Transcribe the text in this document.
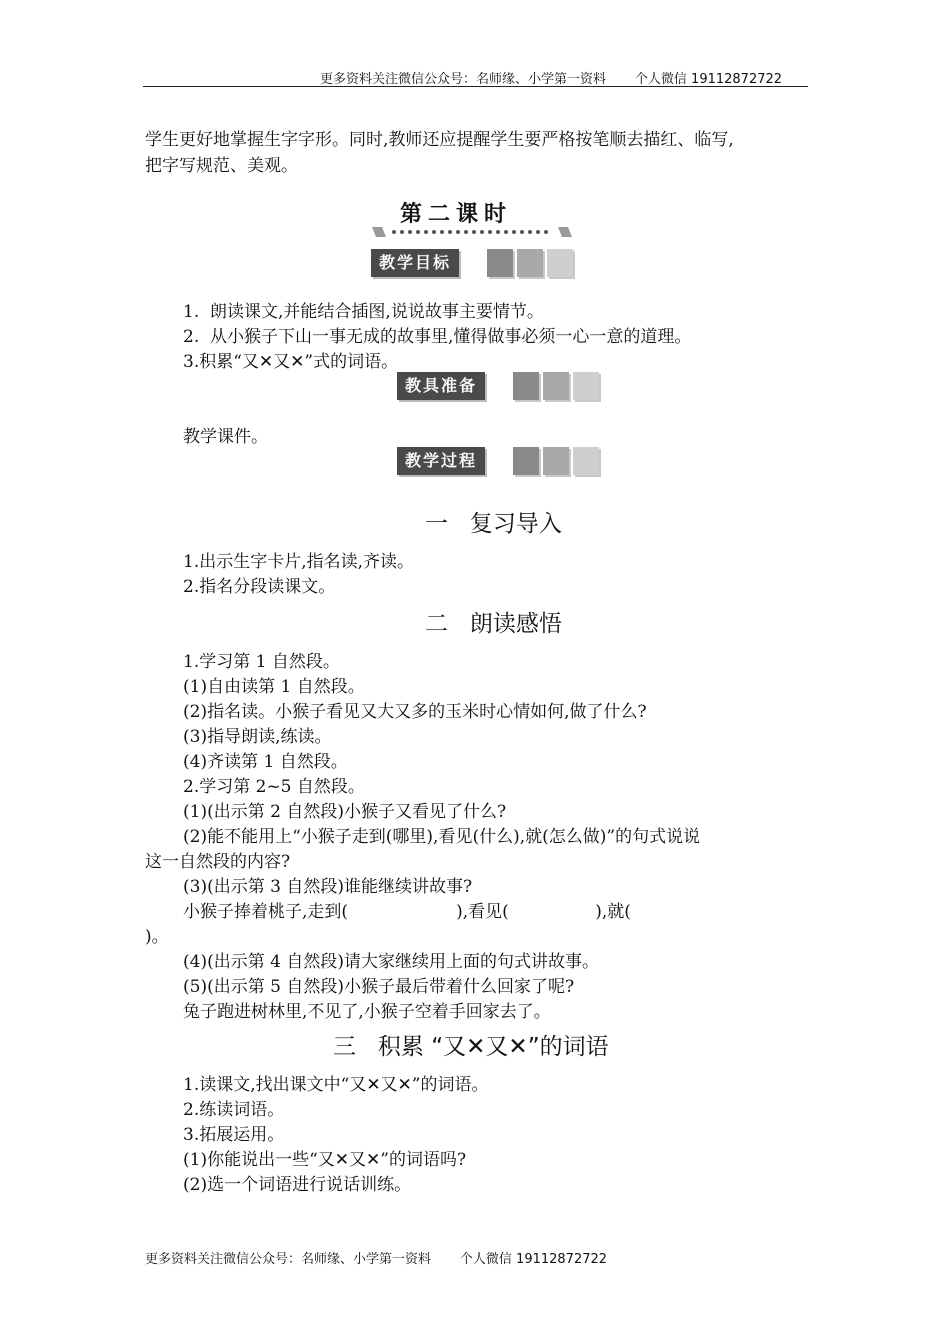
更多资料关注微信公众号：名师缘、小学第一资料       个人微信 19112872722
学生更好地掌握生字字形。同时,教师还应提醒学生要严格按笔顺去描红、临写,
把字写规范、美观。
第二课时
教学目标
1.  朗读课文,并能结合插图,说说故事主要情节。
2.  从小猴子下山一事无成的故事里,懂得做事必须一心一意的道理。
3.积累“又✕又✕”式的词语。
教具准备
教学课件。
教学过程
一   复习导入
1.出示生字卡片,指名读,齐读。
2.指名分段读课文。
二   朗读感悟
1.学习第 1 自然段。
(1)自由读第 1 自然段。
(2)指名读。小猴子看见又大又多的玉米时心情如何,做了什么?
(3)指导朗读,练读。
(4)齐读第 1 自然段。
2.学习第 2~5 自然段。
(1)(出示第 2 自然段)小猴子又看见了什么?
(2)能不能用上“小猴子走到(哪里),看见(什么),就(怎么做)”的句式说说
这一自然段的内容?
(3)(出示第 3 自然段)谁能继续讲故事?
小猴子捧着桃子,走到(                    ),看见(                ),就(
)。
(4)(出示第 4 自然段)请大家继续用上面的句式讲故事。
(5)(出示第 5 自然段)小猴子最后带着什么回家了呢?
兔子跑进树林里,不见了,小猴子空着手回家去了。
三   积累 “又✕又✕”的词语
1.读课文,找出课文中“又✕又✕”的词语。
2.练读词语。
3.拓展运用。
(1)你能说出一些“又✕又✕”的词语吗?
(2)选一个词语进行说话训练。
更多资料关注微信公众号：名师缘、小学第一资料       个人微信 19112872722
